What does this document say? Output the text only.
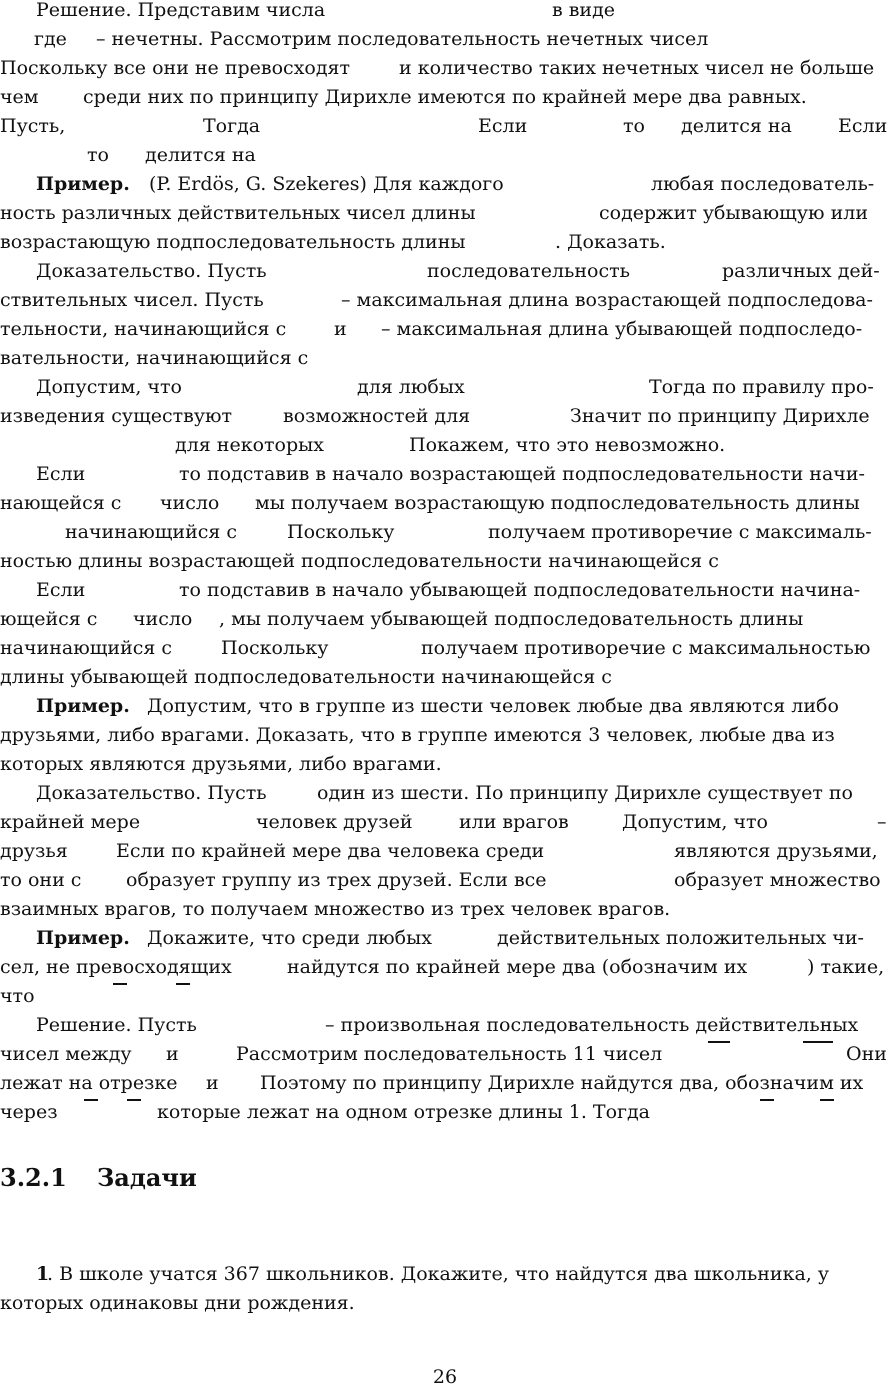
Решение. Представим числа	в виде
где – нечетны. Рассмотрим последовательность нечетных чисел
Поскольку все они не превосходят	и количество таких нечетных чисел не больше
чем среди них по принципу Дирихле имеются по крайней мере два равных.
Пусть,	Тогда	Если	то делится на Если
то делится на
Пример. (P. Erdös, G. Szekeres) Для каждого	любая последователь-
ность различных действительных чисел длины	содержит убывающую или
возрастающую подпоследовательность длины	. Доказать.
Доказательство. Пусть	последовательность	различных дей-
ствительных чисел. Пусть	– максимальная длина возрастающей подпоследова-
тельности, начинающийся с	и – максимальная длина убывающей подпоследо-
вательности, начинающийся с
Допустим, что	для любых	Тогда по правилу про-
изведения существуют	возможностей для	Значит по принципу Дирихле
для некоторых	Покажем, что это невозможно.
Если	то подставив в начало возрастающей подпоследовательности начи-
нающейся с число мы получаем возрастающую подпоследовательность длины
начинающийся с	Поскольку	получаем противоречие с максималь-
ностью длины возрастающей подпоследовательности начинающейся с
Если	то подставив в начало убывающей подпоследовательности начина-
ющейся с число , мы получаем убывающей подпоследовательность длины
начинающийся с	Поскольку	получаем противоречие с максимальностью
длины убывающей подпоследовательности начинающейся с
Пример. Допустим, что в группе из шести человек любые два являются либо
друзьями, либо врагами. Доказать, что в группе имеются 3 человек, любые два из
которых являются друзьями, либо врагами.
Доказательство. Пусть	один из шести. По принципу Дирихле существует по
крайней мере	человек друзей или врагов	Допустим, что	–
друзья	Если по крайней мере два человека среди	являются друзьями,
то они с образует группу из трех друзей. Если все	образует множество
взаимных врагов, то получаем множество из трех человек врагов.
Пример. Докажите, что среди любых	действительных положительных чи-
сел, не превосходящих	найдутся по крайней мере два (обозначим их	) такие,
что
Решение. Пусть	– произвольная последовательность действительных
чисел между и	Рассмотрим последовательность 11 чисел	Они
лежат на отрезке и Поэтому по принципу Дирихле найдутся два, обозначим их
через	которые лежат на одном отрезке длины 1. Тогда
3.2.1 Задачи
1
. В школе учатся 367 школьников. Докажите, что найдутся два школьника, у
которых одинаковы дни рождения.
26
